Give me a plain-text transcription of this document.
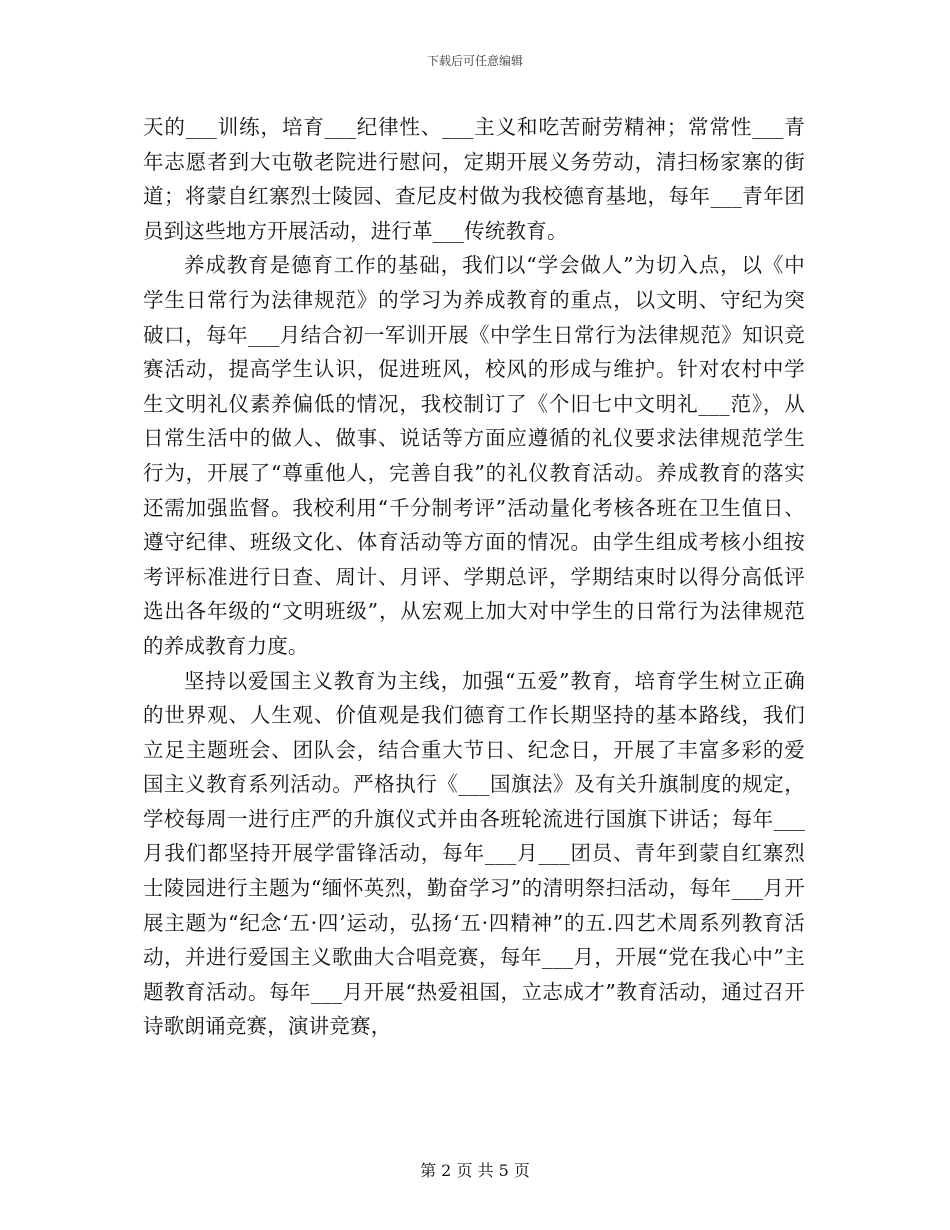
下载后可任意编辑

天的___训练，培育___纪律性、___主义和吃苦耐劳精神；常常性___青年志愿者到大屯敬老院进行慰问，定期开展义务劳动，清扫杨家寨的街道；将蒙自红寨烈士陵园、查尼皮村做为我校德育基地，每年___青年团员到这些地方开展活动，进行革___传统教育。

养成教育是德育工作的基础，我们以“学会做人”为切入点，以《中学生日常行为法律规范》的学习为养成教育的重点，以文明、守纪为突破口，每年___月结合初一军训开展《中学生日常行为法律规范》知识竞赛活动，提高学生认识，促进班风，校风的形成与维护。针对农村中学生文明礼仪素养偏低的情况，我校制订了《个旧七中文明礼___范》，从日常生活中的做人、做事、说话等方面应遵循的礼仪要求法律规范学生行为，开展了“尊重他人，完善自我”的礼仪教育活动。养成教育的落实还需加强监督。我校利用“千分制考评”活动量化考核各班在卫生值日、遵守纪律、班级文化、体育活动等方面的情况。由学生组成考核小组按考评标准进行日查、周计、月评、学期总评，学期结束时以得分高低评选出各年级的“文明班级”，从宏观上加大对中学生的日常行为法律规范的养成教育力度。

坚持以爱国主义教育为主线，加强“五爱”教育，培育学生树立正确的世界观、人生观、价值观是我们德育工作长期坚持的基本路线，我们立足主题班会、团队会，结合重大节日、纪念日，开展了丰富多彩的爱国主义教育系列活动。严格执行《___国旗法》及有关升旗制度的规定，学校每周一进行庄严的升旗仪式并由各班轮流进行国旗下讲话；每年___月我们都坚持开展学雷锋活动，每年___月___团员、青年到蒙自红寨烈士陵园进行主题为“缅怀英烈，勤奋学习”的清明祭扫活动，每年___月开展主题为“纪念‘五·四’运动，弘扬‘五·四精神”的五.四艺术周系列教育活动，并进行爱国主义歌曲大合唱竞赛，每年___月，开展“党在我心中”主题教育活动。每年___月开展“热爱祖国，立志成才”教育活动，通过召开诗歌朗诵竞赛，演讲竞赛，

第 2 页 共 5 页
